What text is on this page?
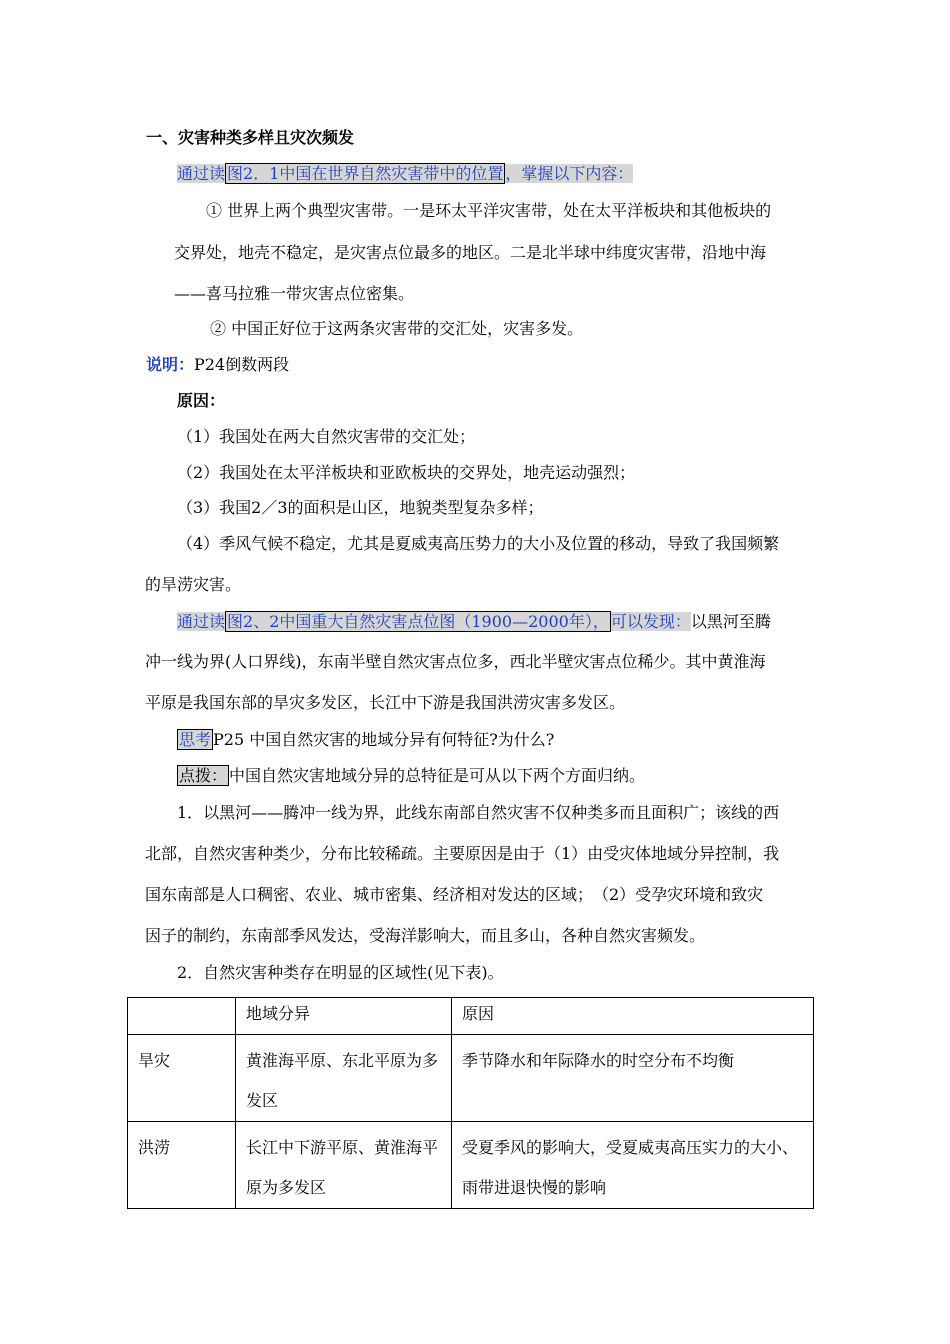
一、灾害种类多样且灾次频发
通过读 图2．1中国在世界自然灾害带中的位置 ，掌握以下内容：
① 世界上两个典型灾害带。一是环太平洋灾害带，处在太平洋板块和其他板块的
交界处，地壳不稳定，是灾害点位最多的地区。二是北半球中纬度灾害带，沿地中海
——喜马拉雅一带灾害点位密集。
② 中国正好位于这两条灾害带的交汇处，灾害多发。
说明：P24倒数两段
原因：
（1）我国处在两大自然灾害带的交汇处；
（2）我国处在太平洋板块和亚欧板块的交界处，地壳运动强烈；
（3）我国2／3的面积是山区，地貌类型复杂多样；
（4）季风气候不稳定，尤其是夏威夷高压势力的大小及位置的移动，导致了我国频繁
的旱涝灾害。
通过读 图2、2中国重大自然灾害点位图（1900—2000年）， 可以发现：以黑河至腾
冲一线为界(人口界线)，东南半壁自然灾害点位多，西北半壁灾害点位稀少。其中黄淮海
平原是我国东部的旱灾多发区，长江中下游是我国洪涝灾害多发区。
思考 P25 中国自然灾害的地域分异有何特征?为什么?
点拨： 中国自然灾害地域分异的总特征是可从以下两个方面归纳。
1．以黑河——腾冲一线为界，此线东南部自然灾害不仅种类多而且面积广；该线的西
北部，自然灾害种类少，分布比较稀疏。主要原因是由于（1）由受灾体地域分异控制，我
国东南部是人口稠密、农业、城市密集、经济相对发达的区域；　（2）受孕灾环境和致灾
因子的制约，东南部季风发达，受海洋影响大，而且多山，各种自然灾害频发。
2．自然灾害种类存在明显的区域性(见下表)。
	地域分异	原因
旱灾	黄淮海平原、东北平原为多发区	季节降水和年际降水的时空分布不均衡
洪涝	长江中下游平原、黄淮海平原为多发区	受夏季风的影响大，受夏威夷高压实力的大小、雨带进退快慢的影响
